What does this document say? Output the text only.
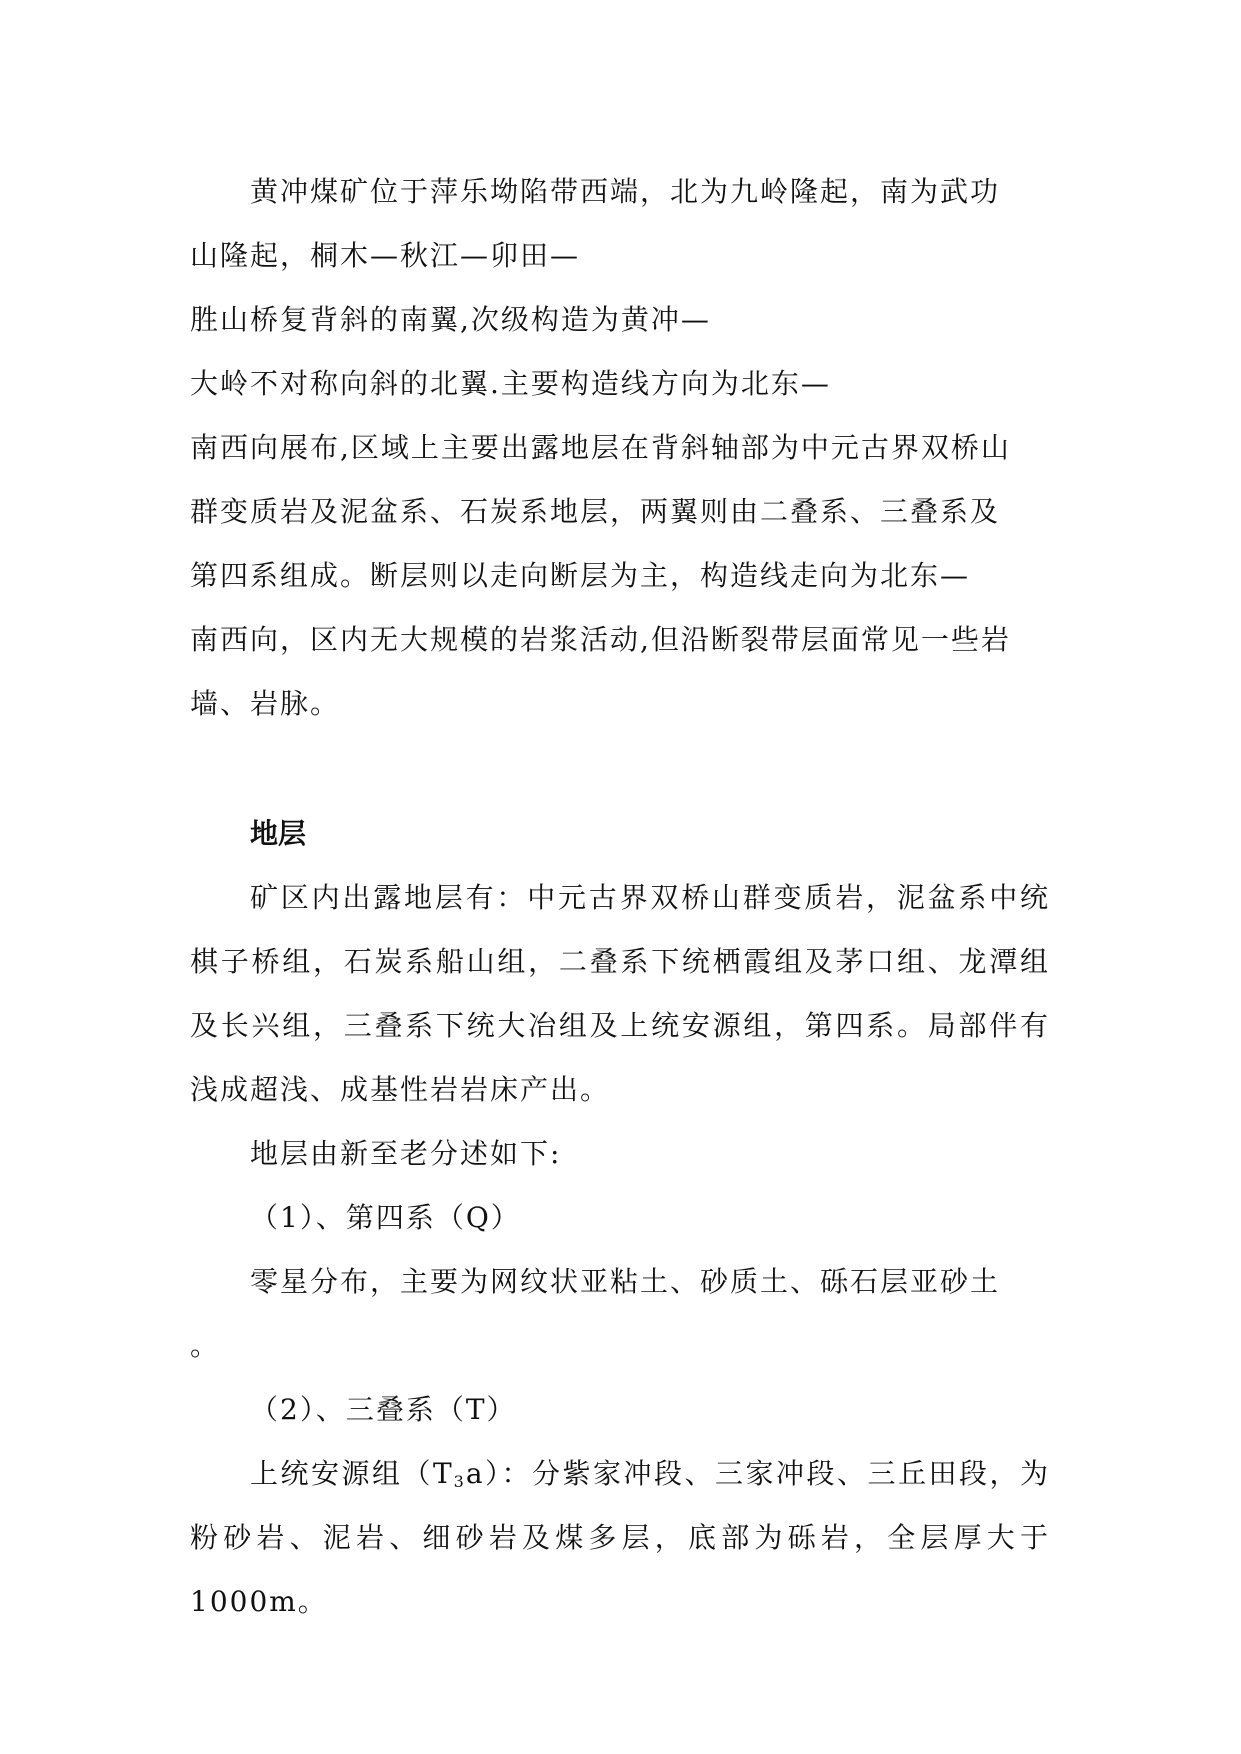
黄冲煤矿位于萍乐坳陷带西端，北为九岭隆起，南为武功

山隆起，桐木—秋江—卯田—

胜山桥复背斜的南翼,次级构造为黄冲—

大岭不对称向斜的北翼.主要构造线方向为北东—

南西向展布,区域上主要出露地层在背斜轴部为中元古界双桥山

群变质岩及泥盆系、石炭系地层，两翼则由二叠系、三叠系及

第四系组成。断层则以走向断层为主，构造线走向为北东—

南西向，区内无大规模的岩浆活动,但沿断裂带层面常见一些岩

墙、岩脉。

地层

矿区内出露地层有：中元古界双桥山群变质岩，泥盆系中统棋子桥组，石炭系船山组，二叠系下统栖霞组及茅口组、龙潭组及长兴组，三叠系下统大冶组及上统安源组，第四系。局部伴有浅成超浅、成基性岩岩床产出。

地层由新至老分述如下:

（1）、第四系（Q）

零星分布，主要为网纹状亚粘土、砂质土、砾石层亚砂土

。

（2）、三叠系（T）

上统安源组$(T_3a)$：分紫家冲段、三家冲段、三丘田段，为粉砂岩、泥岩、细砂岩及煤多层，底部为砾岩，全层厚大于1000m。
